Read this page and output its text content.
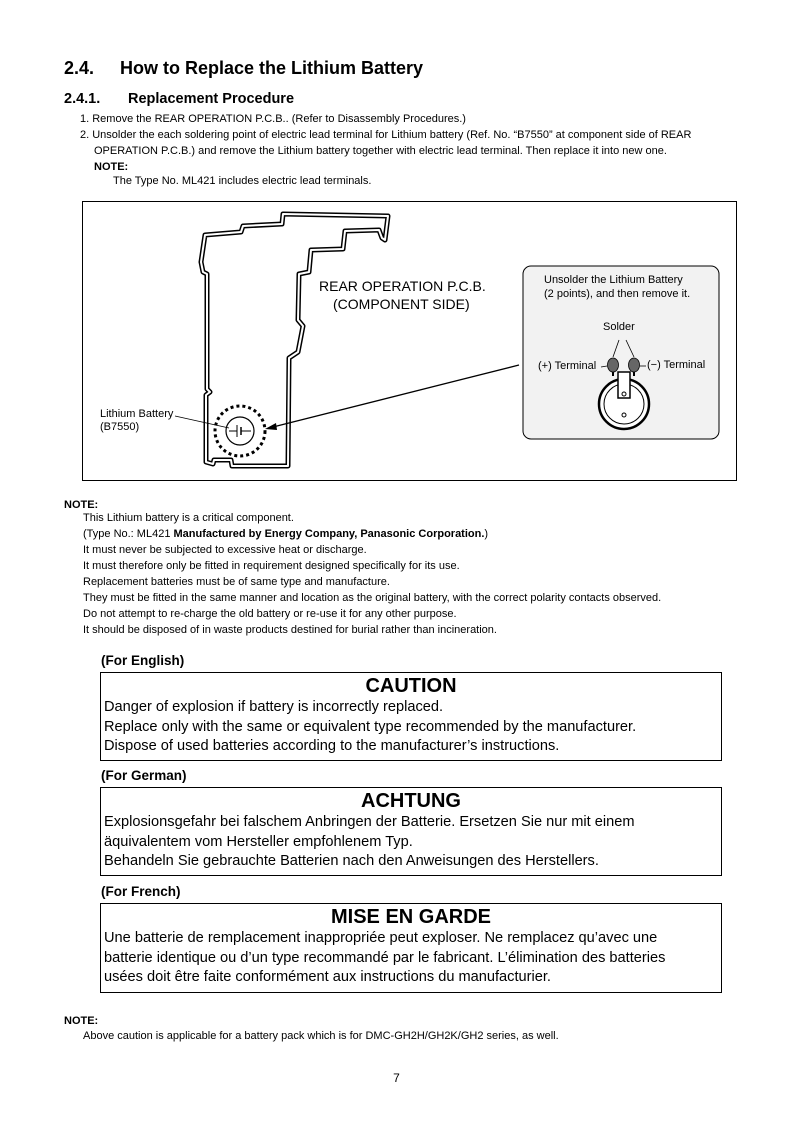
2.4. How to Replace the Lithium Battery
2.4.1. Replacement Procedure
1. Remove the REAR OPERATION P.C.B.. (Refer to Disassembly Procedures.)
2. Unsolder the each soldering point of electric lead terminal for Lithium battery (Ref. No. “B7550” at component side of REAR
OPERATION P.C.B.) and remove the Lithium battery together with electric lead terminal. Then replace it into new one.
NOTE:
The Type No. ML421 includes electric lead terminals.
REAR OPERATION P.C.B.
(COMPONENT SIDE)
Lithium Battery
(B7550)
Unsolder the Lithium Battery
(2 points), and then remove it.
Solder
(+) Terminal	(−) Terminal
NOTE:
This Lithium battery is a critical component.
(Type No.: ML421 Manufactured by Energy Company, Panasonic Corporation.)
It must never be subjected to excessive heat or discharge.
It must therefore only be fitted in requirement designed specifically for its use.
Replacement batteries must be of same type and manufacture.
They must be fitted in the same manner and location as the original battery, with the correct polarity contacts observed.
Do not attempt to re-charge the old battery or re-use it for any other purpose.
It should be disposed of in waste products destined for burial rather than incineration.
(For English)
CAUTION
Danger of explosion if battery is incorrectly replaced.
Replace only with the same or equivalent type recommended by the manufacturer.
Dispose of used batteries according to the manufacturer’s instructions.
(For German)
ACHTUNG
Explosionsgefahr bei falschem Anbringen der Batterie. Ersetzen Sie nur mit einem
äquivalentem vom Hersteller empfohlenem Typ.
Behandeln Sie gebrauchte Batterien nach den Anweisungen des Herstellers.
(For French)
MISE EN GARDE
Une batterie de remplacement inappropriée peut exploser. Ne remplacez qu’avec une
batterie identique ou d’un type recommandé par le fabricant. L’élimination des batteries
usées doit être faite conformément aux instructions du manufacturier.
NOTE:
Above caution is applicable for a battery pack which is for DMC-GH2H/GH2K/GH2 series, as well.
7
